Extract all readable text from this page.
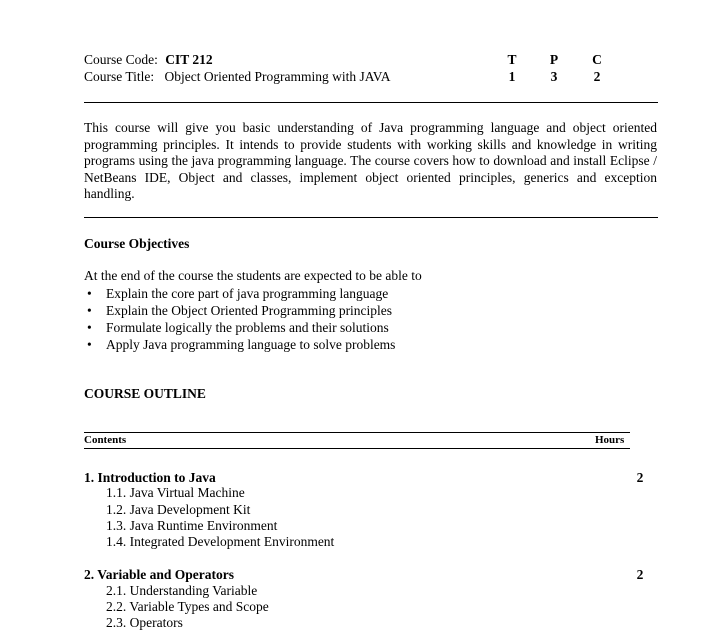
Course Code: CIT 212
Course Title: Object Oriented Programming with JAVA
T	P	C
1	3	2
This course will give you basic understanding of Java programming language and object oriented programming principles. It intends to provide students with working skills and knowledge in writing programs using the java programming language. The course covers how to download and install Eclipse / NetBeans IDE, Object and classes, implement object oriented principles, generics and exception handling.
Course Objectives
At the end of the course the students are expected to be able to
• Explain the core part of java programming language
• Explain the Object Oriented Programming principles
• Formulate logically the problems and their solutions
• Apply Java programming language to solve problems
COURSE OUTLINE
Contents	Hours
1. Introduction to Java	2
1.1. Java Virtual Machine
1.2. Java Development Kit
1.3. Java Runtime Environment
1.4. Integrated Development Environment
2. Variable and Operators	2
2.1. Understanding Variable
2.2. Variable Types and Scope
2.3. Operators
